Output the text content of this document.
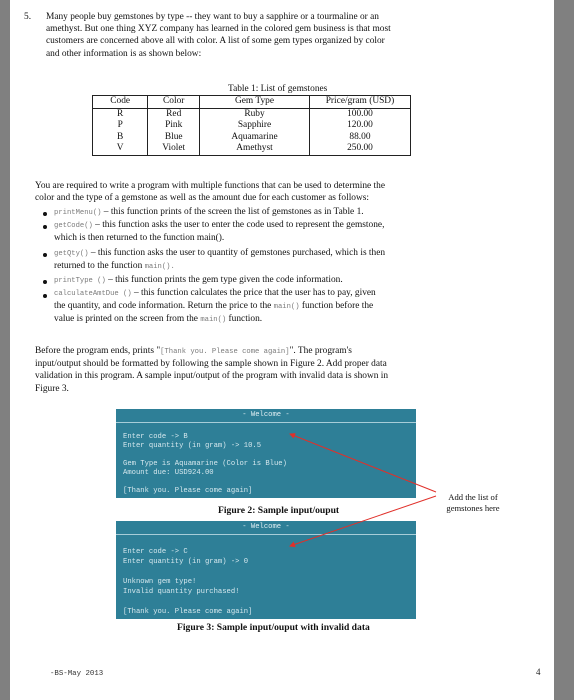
5. Many people buy gemstones by type -- they want to buy a sapphire or a tourmaline or an
amethyst. But one thing XYZ company has learned in the colored gem business is that most
customers are concerned above all with color. A list of some gem types organized by color
and other information is as shown below:
Table 1: List of gemstones
Code	Color	Gem Type	Price/gram (USD)
R	Red	Ruby	100.00
P	Pink	Sapphire	120.00
B	Blue	Aquamarine	88.00
V	Violet	Amethyst	250.00
You are required to write a program with multiple functions that can be used to determine the
color and the type of a gemstone as well as the amount due for each customer as follows:
printMenu() – this function prints of the screen the list of gemstones as in Table 1.
getCode() – this function asks the user to enter the code used to represent the gemstone,
which is then returned to the function main().
getQty() – this function asks the user to quantity of gemstones purchased, which is then
returned to the function main().
printType () – this function prints the gem type given the code information.
calculateAmtDue () – this function calculates the price that the user has to pay, given
the quantity, and code information. Return the price to the main() function before the
value is printed on the screen from the main() function.
Before the program ends, prints "[Thank you. Please come again]". The program's
input/output should be formatted by following the sample shown in Figure 2. Add proper data
validation in this program. A sample input/output of the program with invalid data is shown in
Figure 3.
- Welcome -
Enter code -> B
Enter quantity (in gram) -> 10.5
Gem Type is Aquamarine (Color is Blue)
Amount due: USD924.00
[Thank you. Please come again]
Figure 2: Sample input/ouput
- Welcome -
Enter code -> C
Enter quantity (in gram) -> 0
Unknown gem type!
Invalid quantity purchased!
[Thank you. Please come again]
Figure 3: Sample input/ouput with invalid data
Add the list of
gemstones here
-BS-May 2013	4
